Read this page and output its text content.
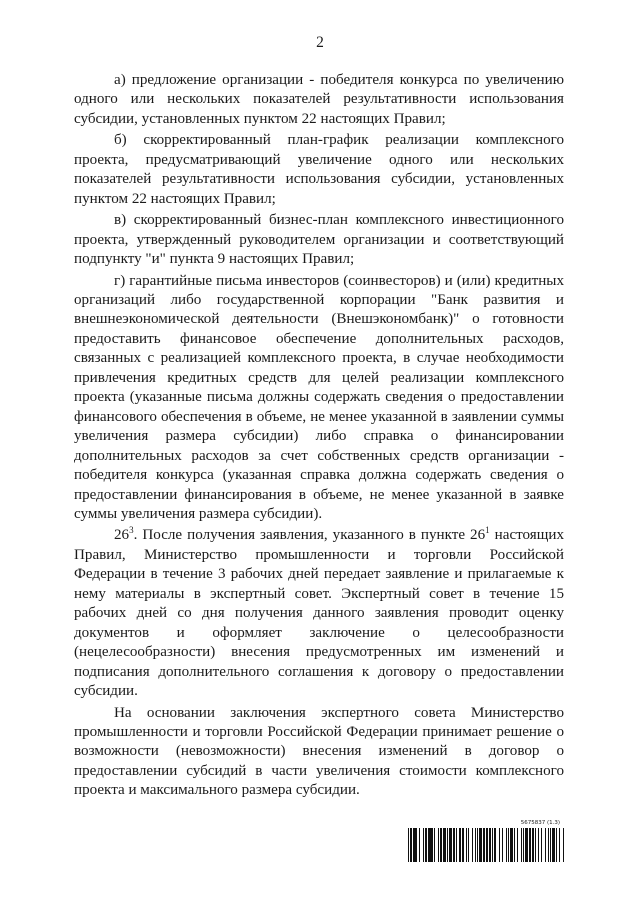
2

а) предложение организации - победителя конкурса по увеличению одного или нескольких показателей результативности использования субсидии, установленных пунктом 22 настоящих Правил;

б) скорректированный план-график реализации комплексного проекта, предусматривающий увеличение одного или нескольких показателей результативности использования субсидии, установленных пунктом 22 настоящих Правил;

в) скорректированный бизнес-план комплексного инвестиционного проекта, утвержденный руководителем организации и соответствующий подпункту "и" пункта 9 настоящих Правил;

г) гарантийные письма инвесторов (соинвесторов) и (или) кредитных организаций либо государственной корпорации "Банк развития и внешнеэкономической деятельности (Внешэкономбанк)" о готовности предоставить финансовое обеспечение дополнительных расходов, связанных с реализацией комплексного проекта, в случае необходимости привлечения кредитных средств для целей реализации комплексного проекта (указанные письма должны содержать сведения о предоставлении финансового обеспечения в объеме, не менее указанной в заявлении суммы увеличения размера субсидии) либо справка о финансировании дополнительных расходов за счет собственных средств организации - победителя конкурса (указанная справка должна содержать сведения о предоставлении финансирования в объеме, не менее указанной в заявке суммы увеличения размера субсидии).

$26^3$. После получения заявления, указанного в пункте $26^1$ настоящих Правил, Министерство промышленности и торговли Российской Федерации в течение 3 рабочих дней передает заявление и прилагаемые к нему материалы в экспертный совет. Экспертный совет в течение 15 рабочих дней со дня получения данного заявления проводит оценку документов и оформляет заключение о целесообразности (нецелесообразности) внесения предусмотренных им изменений и подписания дополнительного соглашения к договору о предоставлении субсидии.

На основании заключения экспертного совета Министерство промышленности и торговли Российской Федерации принимает решение о возможности (невозможности) внесения изменений в договор о предоставлении субсидий в части увеличения стоимости комплексного проекта и максимального размера субсидии.

5675837 (1.3)
